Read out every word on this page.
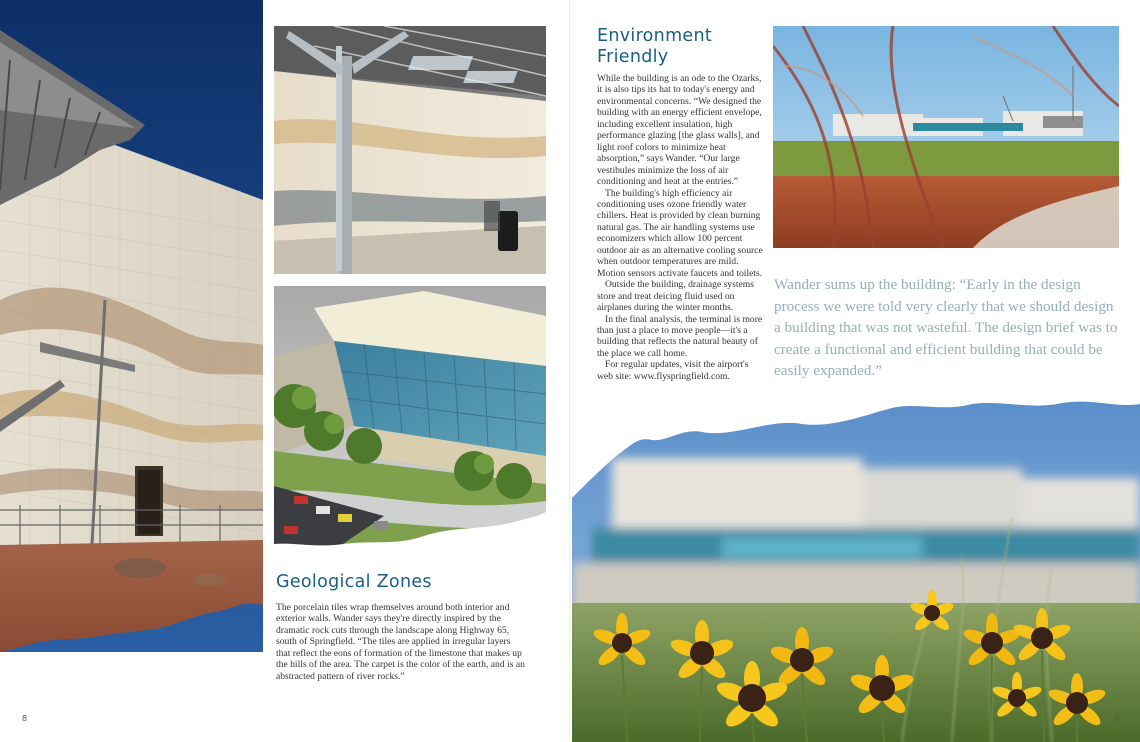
Geological Zones

The porcelain tiles wrap themselves around both interior and exterior walls. Wander says they're directly inspired by the dramatic rock cuts through the landscape along Highway 65, south of Springfield. “The tiles are applied in irregular layers that reflect the eons of formation of the limestone that makes up the hills of the area. The carpet is the color of the earth, and is an abstracted pattern of river rocks.”

8
Environment Friendly

While the building is an ode to the Ozarks, it is also tips its hat to today's energy and environmental concerns. “We designed the building with an energy efficient envelope, including excellent insulation, high performance glazing [the glass walls], and light roof colors to minimize heat absorption,” says Wander. “Our large vestibules minimize the loss of air conditioning and heat at the entries.”

The building's high efficiency air conditioning uses ozone friendly water chillers. Heat is provided by clean burning natural gas. The air handling systems use economizers which allow 100 percent outdoor air as an alternative cooling source when outdoor temperatures are mild. Motion sensors activate faucets and toilets.

Outside the building, drainage systems store and treat deicing fluid used on airplanes during the winter months.

In the final analysis, the terminal is more than just a place to move people—it's a building that reflects the natural beauty of the place we call home.

For regular updates, visit the airport's web site: www.flyspringfield.com.

Wander sums up the building: “Early in the design process we were told very clearly that we should design a building that was not wasteful. The design brief was to create a functional and efficient building that could be easily expanded.”
9
